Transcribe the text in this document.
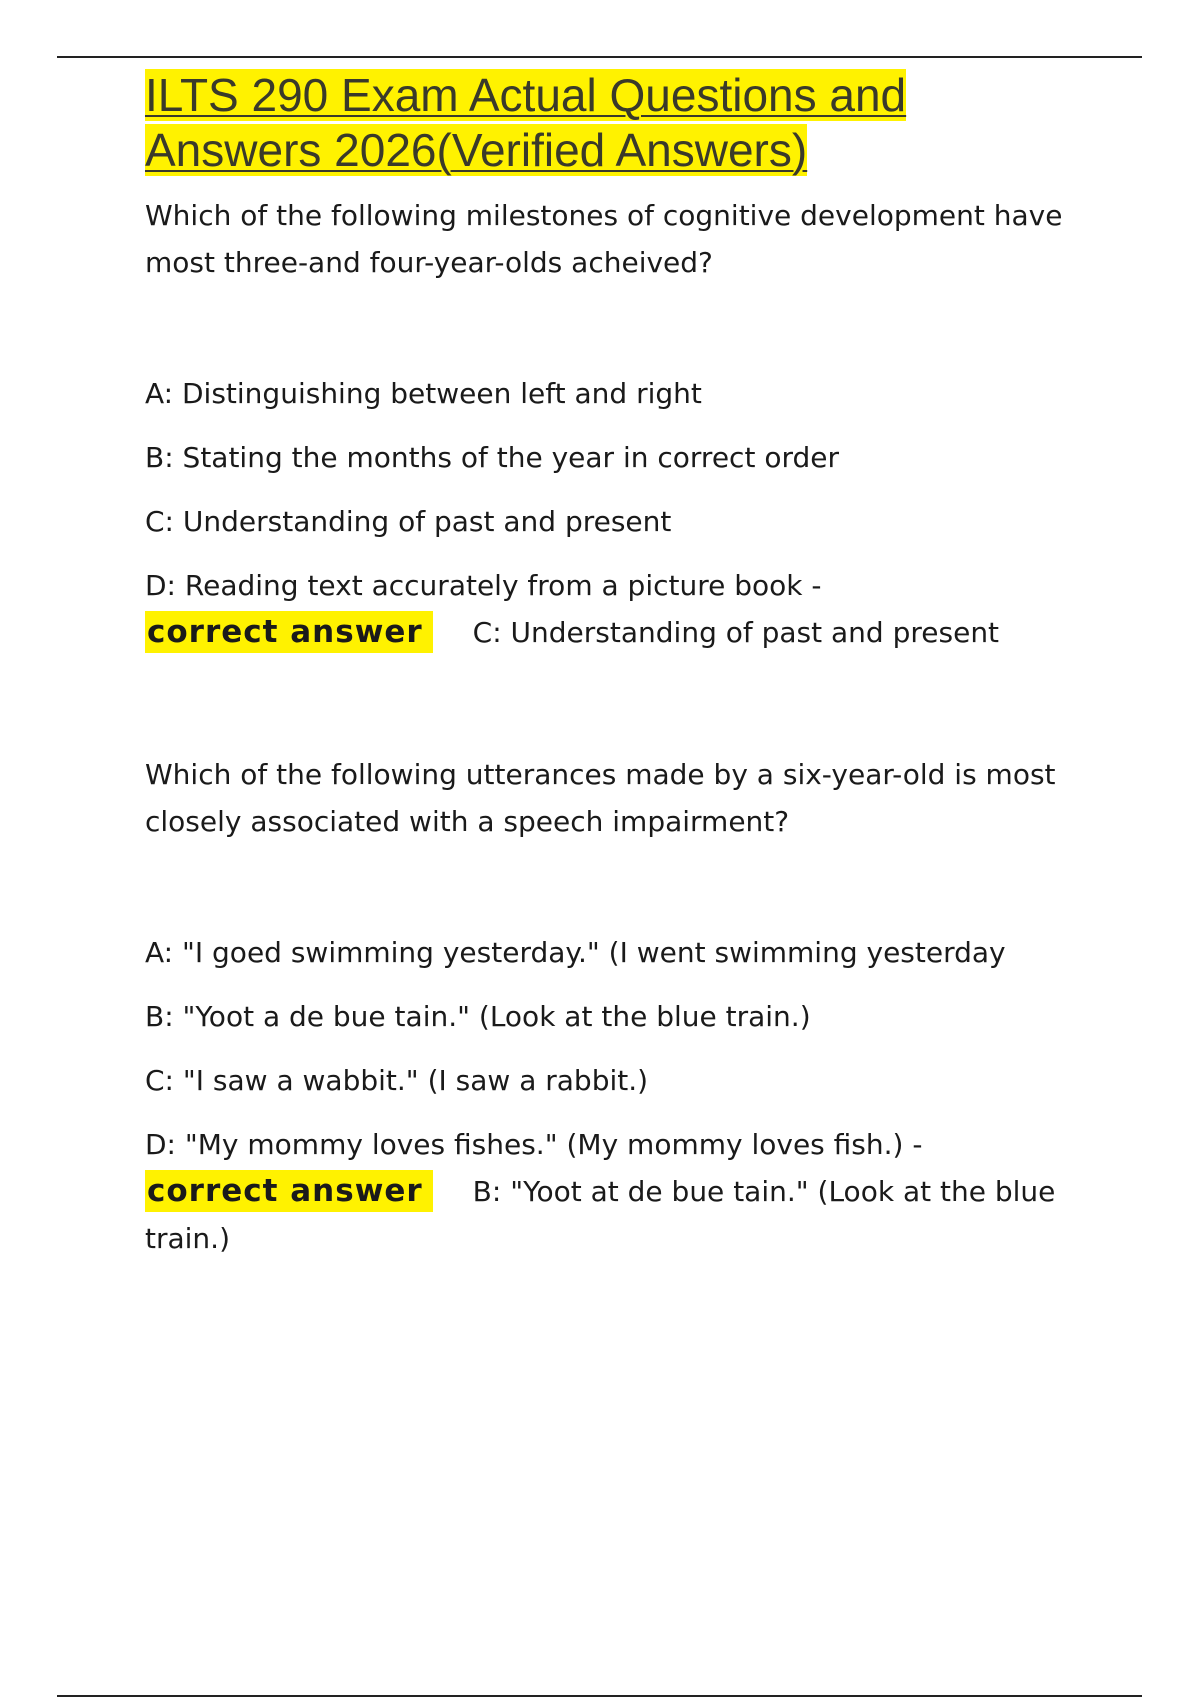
ILTS 290 Exam Actual Questions and Answers 2026(Verified Answers)

Which of the following milestones of cognitive development have most three-and four-year-olds acheived?

A: Distinguishing between left and right

B: Stating the months of the year in correct order

C: Understanding of past and present

D: Reading text accurately from a picture book -

correct answer C: Understanding of past and present

Which of the following utterances made by a six-year-old is most closely associated with a speech impairment?

A: "I goed swimming yesterday." (I went swimming yesterday

B: "Yoot a de bue tain." (Look at the blue train.)

C: "I saw a wabbit." (I saw a rabbit.)

D: "My mommy loves fishes." (My mommy loves fish.) -

correct answer B: "Yoot at de bue tain." (Look at the blue train.)
